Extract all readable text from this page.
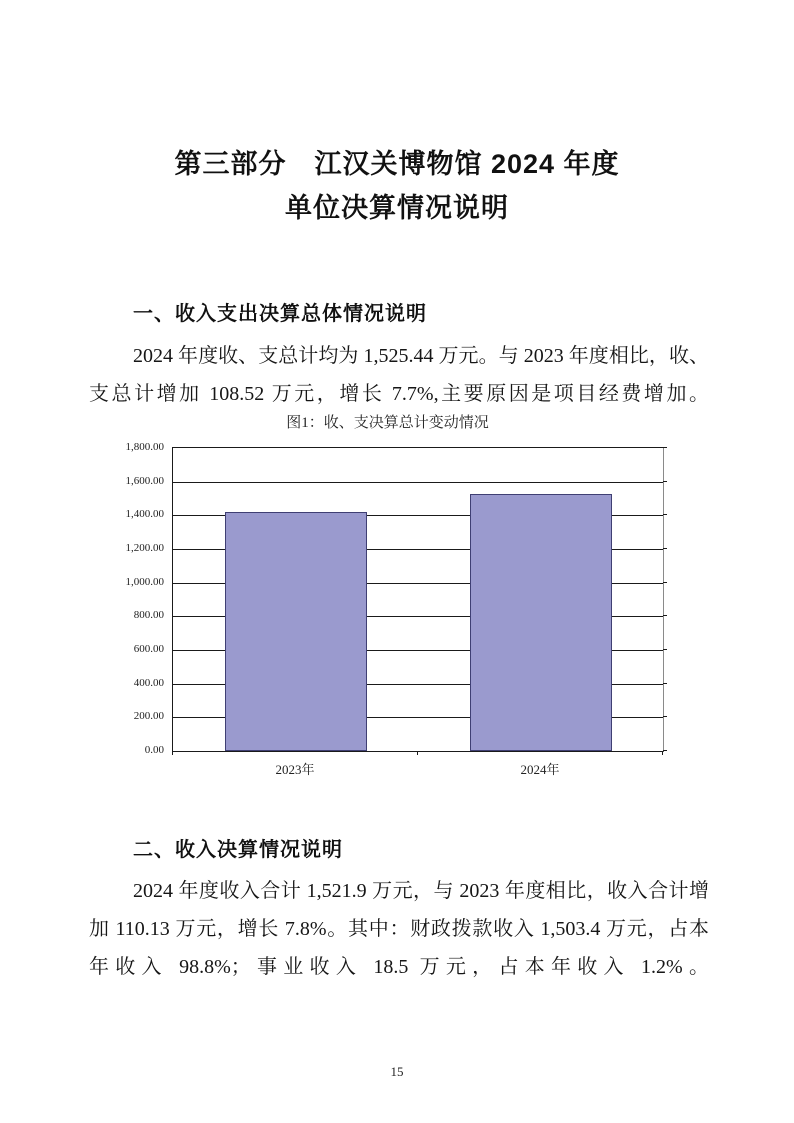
第三部分　江汉关博物馆 2024 年度
单位决算情况说明
一、收入支出决算总体情况说明

2024 年度收、支总计均为 1,525.44 万元。与 2023 年度相比，收、支总计增加 108.52 万元，增长 7.7%,主要原因是项目经费增加。

图1：收、支决算总计变动情况
0.00
200.00
400.00
600.00
800.00
1,000.00
1,200.00
1,400.00
1,600.00
1,800.00
2023年	2024年
二、收入决算情况说明

2024 年度收入合计 1,521.9 万元，与 2023 年度相比，收入合计增加 110.13 万元，增长 7.8%。其中：财政拨款收入 1,503.4 万元，占本年收入 98.8%；事业收入 18.5 万元，占本年收入 1.2%。

15
